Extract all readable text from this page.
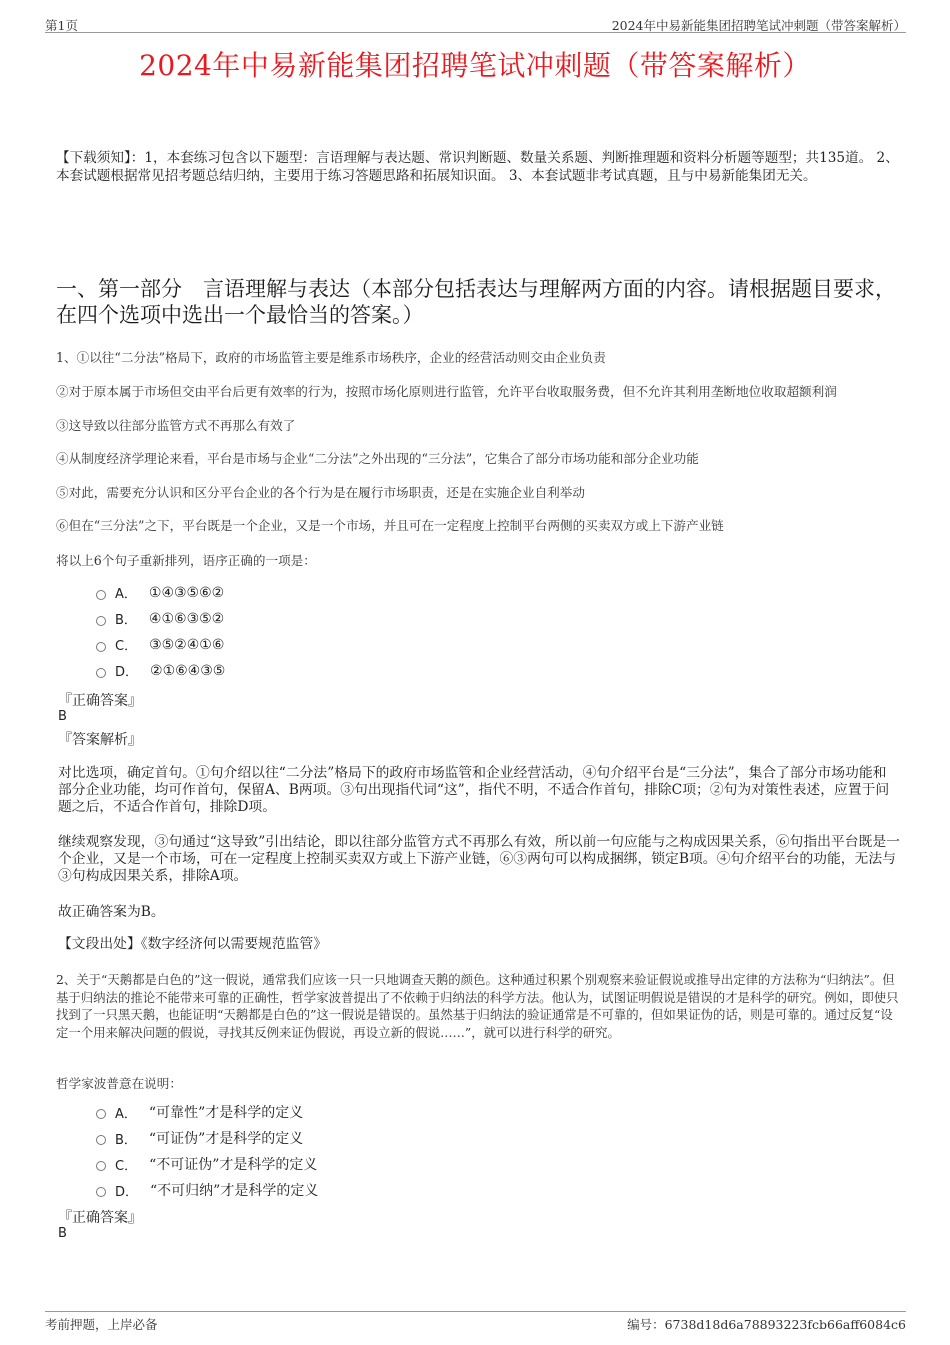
第1页	2024年中易新能集团招聘笔试冲刺题（带答案解析）
2024年中易新能集团招聘笔试冲刺题（带答案解析）
【下载须知】：1，本套练习包含以下题型：言语理解与表达题、常识判断题、数量关系题、判断推理题和资料分析题等题型；共135道。 2、本套试题根据常见招考题总结归纳，主要用于练习答题思路和拓展知识面。 3、本套试题非考试真题，且与中易新能集团无关。
一、第一部分　言语理解与表达（本部分包括表达与理解两方面的内容。请根据题目要求，在四个选项中选出一个最恰当的答案。）
1、①以往“二分法”格局下，政府的市场监管主要是维系市场秩序，企业的经营活动则交由企业负责
②对于原本属于市场但交由平台后更有效率的行为，按照市场化原则进行监管，允许平台收取服务费，但不允许其利用垄断地位收取超额利润
③这导致以往部分监管方式不再那么有效了
④从制度经济学理论来看，平台是市场与企业“二分法”之外出现的“三分法”，它集合了部分市场功能和部分企业功能
⑤对此，需要充分认识和区分平台企业的各个行为是在履行市场职责，还是在实施企业自利举动
⑥但在“三分法”之下，平台既是一个企业，又是一个市场，并且可在一定程度上控制平台两侧的买卖双方或上下游产业链
将以上6个句子重新排列，语序正确的一项是：
A． ①④③⑤⑥②
B． ④①⑥③⑤②
C． ③⑤②④①⑥
D． ②①⑥④③⑤
『正确答案』
B
『答案解析』
对比选项，确定首句。①句介绍以往“二分法”格局下的政府市场监管和企业经营活动，④句介绍平台是“三分法”，集合了部分市场功能和部分企业功能，均可作首句，保留A、B两项。③句出现指代词“这”，指代不明，不适合作首句，排除C项；②句为对策性表述，应置于问题之后，不适合作首句，排除D项。
继续观察发现，③句通过“这导致”引出结论，即以往部分监管方式不再那么有效，所以前一句应能与之构成因果关系，⑥句指出平台既是一个企业，又是一个市场，可在一定程度上控制买卖双方或上下游产业链，⑥③两句可以构成捆绑，锁定B项。④句介绍平台的功能，无法与③句构成因果关系，排除A项。
故正确答案为B。
【文段出处】《数字经济何以需要规范监管》
2、关于“天鹅都是白色的”这一假说，通常我们应该一只一只地调查天鹅的颜色。这种通过积累个别观察来验证假说或推导出定律的方法称为“归纳法”。但基于归纳法的推论不能带来可靠的正确性，哲学家波普提出了不依赖于归纳法的科学方法。他认为，试图证明假说是错误的才是科学的研究。例如，即使只找到了一只黑天鹅，也能证明“天鹅都是白色的”这一假说是错误的。虽然基于归纳法的验证通常是不可靠的，但如果证伪的话，则是可靠的。通过反复“设定一个用来解决问题的假说，寻找其反例来证伪假说，再设立新的假说……”，就可以进行科学的研究。
哲学家波普意在说明：
A． “可靠性”才是科学的定义
B． “可证伪”才是科学的定义
C． “不可证伪”才是科学的定义
D． “不可归纳”才是科学的定义
『正确答案』
B
考前押题，上岸必备	编号：6738d18d6a78893223fcb66aff6084c6
